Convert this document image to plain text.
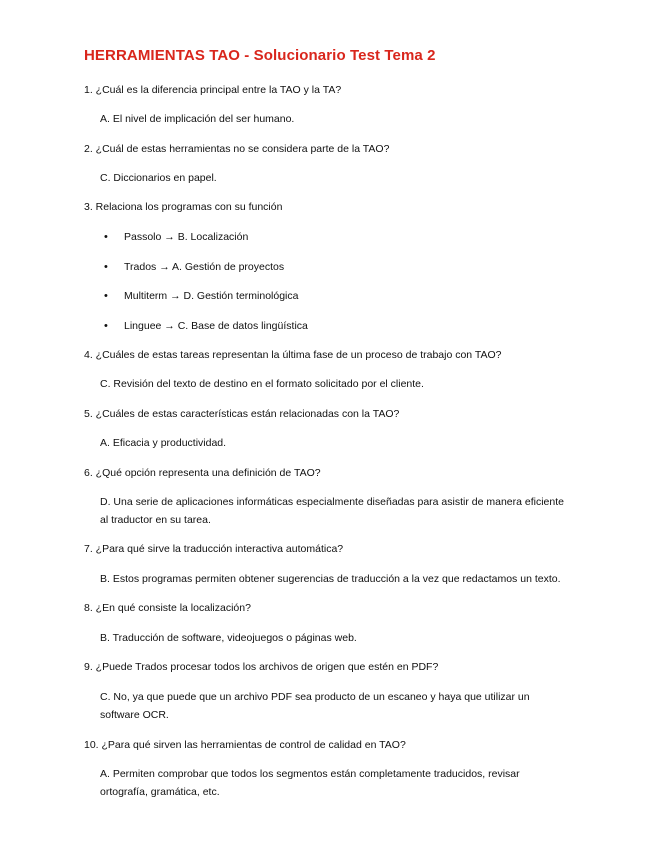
HERRAMIENTAS TAO - Solucionario Test Tema 2
1. ¿Cuál es la diferencia principal entre la TAO y la TA?
A. El nivel de implicación del ser humano.
2. ¿Cuál de estas herramientas no se considera parte de la TAO?
C. Diccionarios en papel.
3. Relaciona los programas con su función
• Passolo → B. Localización
• Trados → A. Gestión de proyectos
• Multiterm → D. Gestión terminológica
• Linguee → C. Base de datos lingüística
4. ¿Cuáles de estas tareas representan la última fase de un proceso de trabajo con TAO?
C. Revisión del texto de destino en el formato solicitado por el cliente.
5. ¿Cuáles de estas características están relacionadas con la TAO?
A. Eficacia y productividad.
6. ¿Qué opción representa una definición de TAO?
D. Una serie de aplicaciones informáticas especialmente diseñadas para asistir de manera eficiente al traductor en su tarea.
7. ¿Para qué sirve la traducción interactiva automática?
B. Estos programas permiten obtener sugerencias de traducción a la vez que redactamos un texto.
8. ¿En qué consiste la localización?
B. Traducción de software, videojuegos o páginas web.
9. ¿Puede Trados procesar todos los archivos de origen que estén en PDF?
C. No, ya que puede que un archivo PDF sea producto de un escaneo y haya que utilizar un software OCR.
10. ¿Para qué sirven las herramientas de control de calidad en TAO?
A. Permiten comprobar que todos los segmentos están completamente traducidos, revisar ortografía, gramática, etc.
